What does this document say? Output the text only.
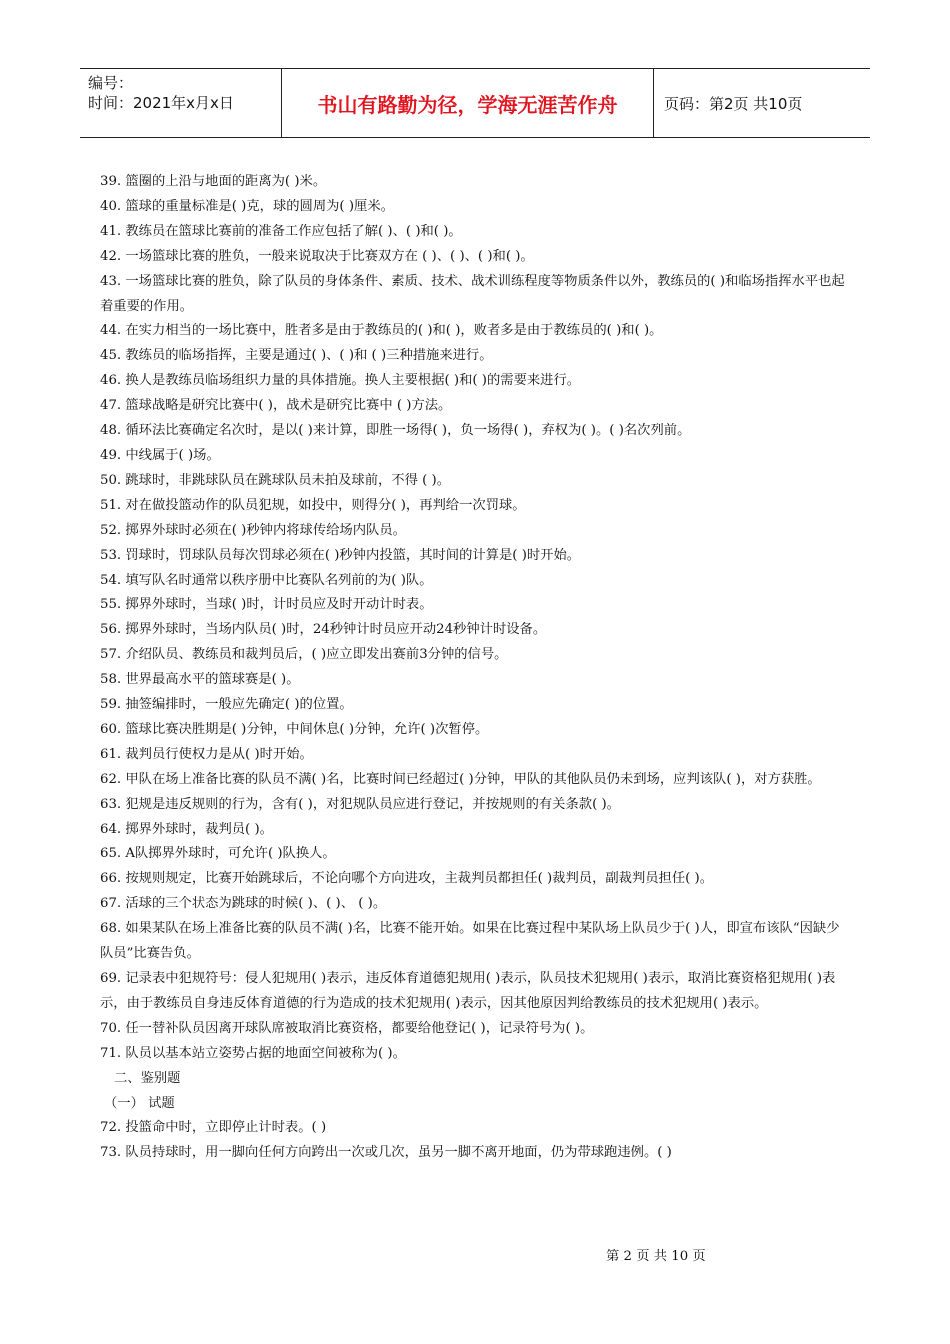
编号：
时间：2021年x月x日	书山有路勤为径，学海无涯苦作舟	页码：第2页 共10页
39. 篮圈的上沿与地面的距离为( )米。
40. 篮球的重量标准是( )克，球的圆周为( )厘米。
41. 教练员在篮球比赛前的准备工作应包括了解( )、( )和( )。
42. 一场篮球比赛的胜负，一般来说取决于比赛双方在 ( )、( )、( )和( )。
43. 一场篮球比赛的胜负，除了队员的身体条件、素质、技术、战术训练程度等物质条件以外，教练员的( )和临场指挥水平也起着重要的作用。
44. 在实力相当的一场比赛中，胜者多是由于教练员的( )和( )，败者多是由于教练员的( )和( )。
45. 教练员的临场指挥，主要是通过( )、( )和 ( )三种措施来进行。
46. 换人是教练员临场组织力量的具体措施。换人主要根据( )和( )的需要来进行。
47. 篮球战略是研究比赛中( )，战术是研究比赛中 ( )方法。
48. 循环法比赛确定名次时，是以( )来计算，即胜一场得( )，负一场得( )，弃权为( )。( )名次列前。
49. 中线属于( )场。
50. 跳球时，非跳球队员在跳球队员未拍及球前，不得 ( )。
51. 对在做投篮动作的队员犯规，如投中，则得分( )，再判给一次罚球。
52. 掷界外球时必须在( )秒钟内将球传给场内队员。
53. 罚球时，罚球队员每次罚球必须在( )秒钟内投篮，其时间的计算是( )时开始。
54. 填写队名时通常以秩序册中比赛队名列前的为( )队。
55. 掷界外球时，当球( )时，计时员应及时开动计时表。
56. 掷界外球时，当场内队员( )时，24秒钟计时员应开动24秒钟计时设备。
57. 介绍队员、教练员和裁判员后，( )应立即发出赛前3分钟的信号。
58. 世界最高水平的篮球赛是( )。
59. 抽签编排时，一般应先确定( )的位置。
60. 篮球比赛决胜期是( )分钟，中间休息( )分钟，允许( )次暂停。
61. 裁判员行使权力是从( )时开始。
62. 甲队在场上准备比赛的队员不满( )名，比赛时间已经超过( )分钟，甲队的其他队员仍未到场，应判该队( )，对方获胜。
63. 犯规是违反规则的行为，含有( )，对犯规队员应进行登记，并按规则的有关条款( )。
64. 掷界外球时，裁判员( )。
65. A队掷界外球时，可允许( )队换人。
66. 按规则规定，比赛开始跳球后，不论向哪个方向进攻，主裁判员都担任( )裁判员，副裁判员担任( )。
67. 活球的三个状态为跳球的时候( )、( )、 ( )。
68. 如果某队在场上准备比赛的队员不满( )名，比赛不能开始。如果在比赛过程中某队场上队员少于( )人，即宣布该队“因缺少队员”比赛告负。
69. 记录表中犯规符号：侵人犯规用( )表示，违反体育道德犯规用( )表示，队员技术犯规用( )表示，取消比赛资格犯规用( )表示，由于教练员自身违反体育道德的行为造成的技术犯规用( )表示，因其他原因判给教练员的技术犯规用( )表示。
70. 任一替补队员因离开球队席被取消比赛资格，都要给他登记( )，记录符号为( )。
71. 队员以基本站立姿势占据的地面空间被称为( )。
二、鉴别题
（一） 试题
72. 投篮命中时，立即停止计时表。( )
73. 队员持球时，用一脚向任何方向跨出一次或几次，虽另一脚不离开地面，仍为带球跑违例。( )
第 2 页 共 10 页
